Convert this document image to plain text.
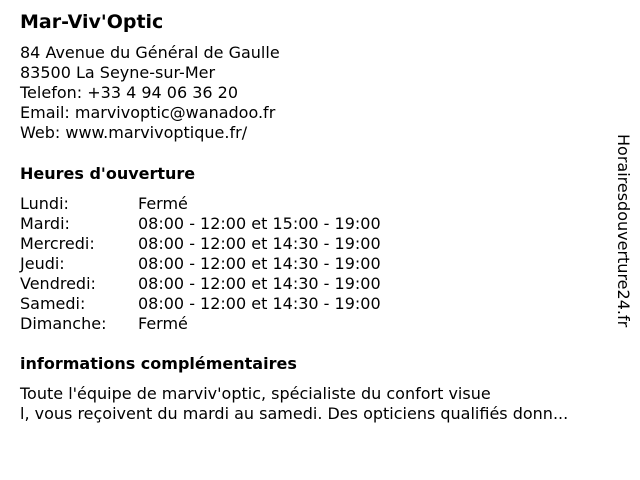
Mar-Viv'Optic
84 Avenue du Général de Gaulle
83500 La Seyne-sur-Mer
Telefon: +33 4 94 06 36 20
Email: marvivoptic@wanadoo.fr
Web: www.marvivoptique.fr/
Heures d'ouverture
Lundi:	Fermé
Mardi:	08:00 - 12:00 et 15:00 - 19:00
Mercredi:	08:00 - 12:00 et 14:30 - 19:00
Jeudi:	08:00 - 12:00 et 14:30 - 19:00
Vendredi:	08:00 - 12:00 et 14:30 - 19:00
Samedi:	08:00 - 12:00 et 14:30 - 19:00
Dimanche: Fermé
informations complémentaires
Toute l'équipe de marviv'optic, spécialiste du confort visue
l, vous reçoivent du mardi au samedi. Des opticiens qualifiés donn...
Horairesdouverture24.fr
